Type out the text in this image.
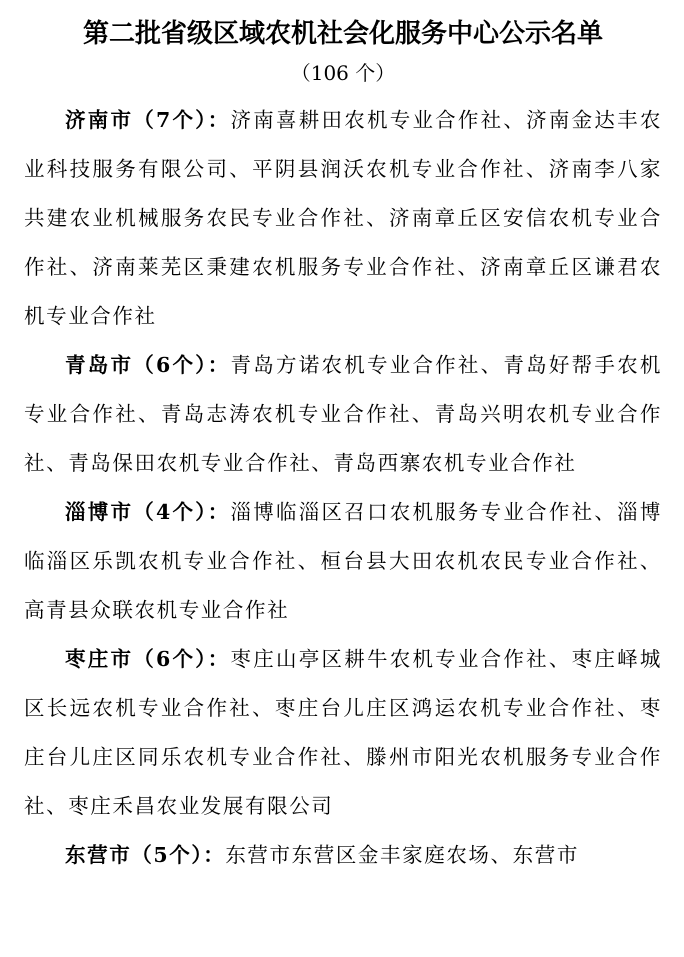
第二批省级区域农机社会化服务中心公示名单
（106 个）

济南市（7个）：济南喜耕田农机专业合作社、济南金达丰农业科技服务有限公司、平阴县润沃农机专业合作社、济南李八家共建农业机械服务农民专业合作社、济南章丘区安信农机专业合作社、济南莱芜区秉建农机服务专业合作社、济南章丘区谦君农机专业合作社

青岛市（6个）：青岛方诺农机专业合作社、青岛好帮手农机专业合作社、青岛志涛农机专业合作社、青岛兴明农机专业合作社、青岛保田农机专业合作社、青岛西寨农机专业合作社

淄博市（4个）：淄博临淄区召口农机服务专业合作社、淄博临淄区乐凯农机专业合作社、桓台县大田农机农民专业合作社、高青县众联农机专业合作社

枣庄市（6个）：枣庄山亭区耕牛农机专业合作社、枣庄峄城区长远农机专业合作社、枣庄台儿庄区鸿运农机专业合作社、枣庄台儿庄区同乐农机专业合作社、滕州市阳光农机服务专业合作社、枣庄禾昌农业发展有限公司

东营市（5个）：东营市东营区金丰家庭农场、东营市
